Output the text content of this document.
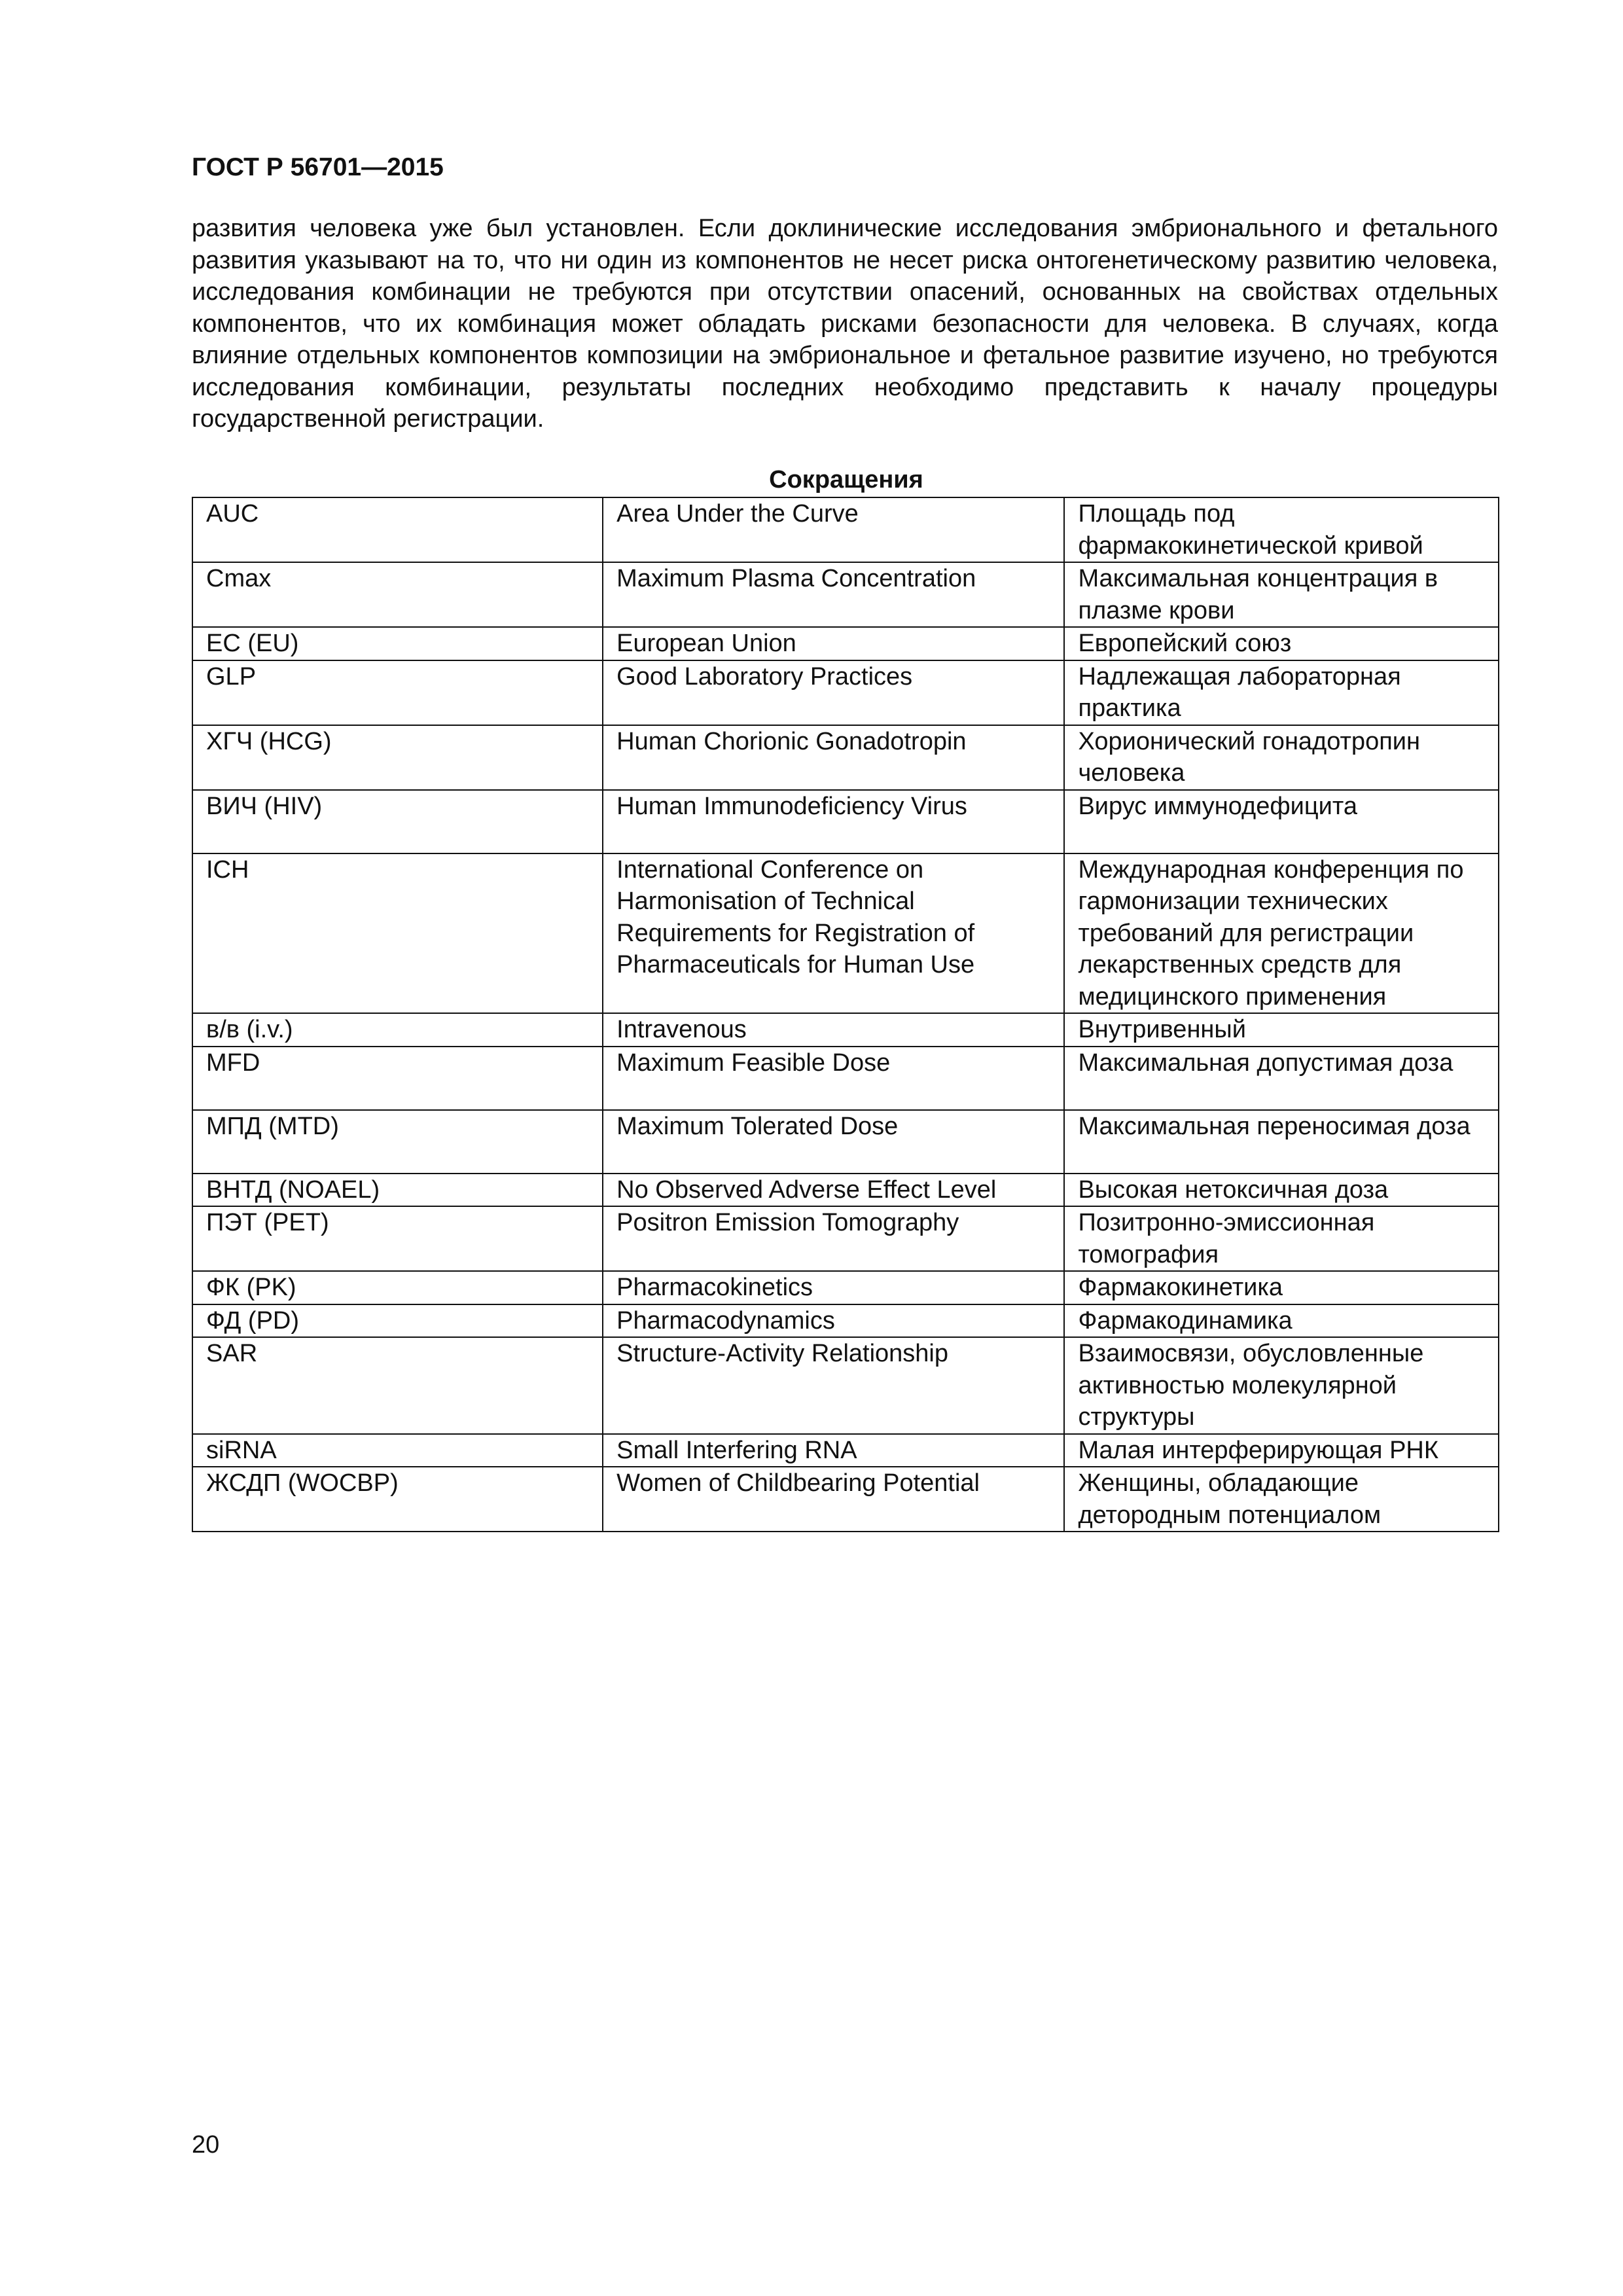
ГОСТ Р 56701—2015

развития человека уже был установлен. Если доклинические исследования эмбрионального и фетального развития указывают на то, что ни один из компонентов не несет риска онтогенетическому развитию человека, исследования комбинации не требуются при отсутствии опасений, основанных на свойствах отдельных компонентов, что их комбинация может обладать рисками безопасности для человека. В случаях, когда влияние отдельных компонентов композиции на эмбриональное и фетальное развитие изучено, но требуются исследования комбинации, результаты последних необходимо представить к началу процедуры государственной регистрации.

Сокращения
AUC	Area Under the Curve	Площадь под фармакокинетической кривой
Cmax	Maximum Plasma Concentration	Максимальная концентрация в плазме крови
ЕС (EU)	European Union	Европейский союз
GLP	Good Laboratory Practices	Надлежащая лабораторная практика
ХГЧ (HCG)	Human Chorionic Gonadotropin	Хорионический гонадотропин человека
ВИЧ (HIV)	Human Immunodeficiency Virus	Вирус иммунодефицита
ICH	International Conference on Harmonisation of Technical Requirements for Registration of Pharmaceuticals for Human Use	Международная конференция по гармонизации технических требований для регистрации лекарственных средств для медицинского применения
в/в (i.v.)	Intravenous	Внутривенный
MFD	Maximum Feasible Dose	Максимальная допустимая доза
МПД (MTD)	Maximum Tolerated Dose	Максимальная переносимая доза
ВНТД (NOAEL)	No Observed Adverse Effect Level	Высокая нетоксичная доза
ПЭТ (PET)	Positron Emission Tomography	Позитронно-эмиссионная томография
ФК (PK)	Pharmacokinetics	Фармакокинетика
ФД (PD)	Pharmacodynamics	Фармакодинамика
SAR	Structure-Activity Relationship	Взаимосвязи, обусловленные активностью молекулярной структуры
siRNA	Small Interfering RNA	Малая интерферирующая РНК
ЖСДП (WOCBP)	Women of Childbearing Potential	Женщины, обладающие детородным потенциалом
20
